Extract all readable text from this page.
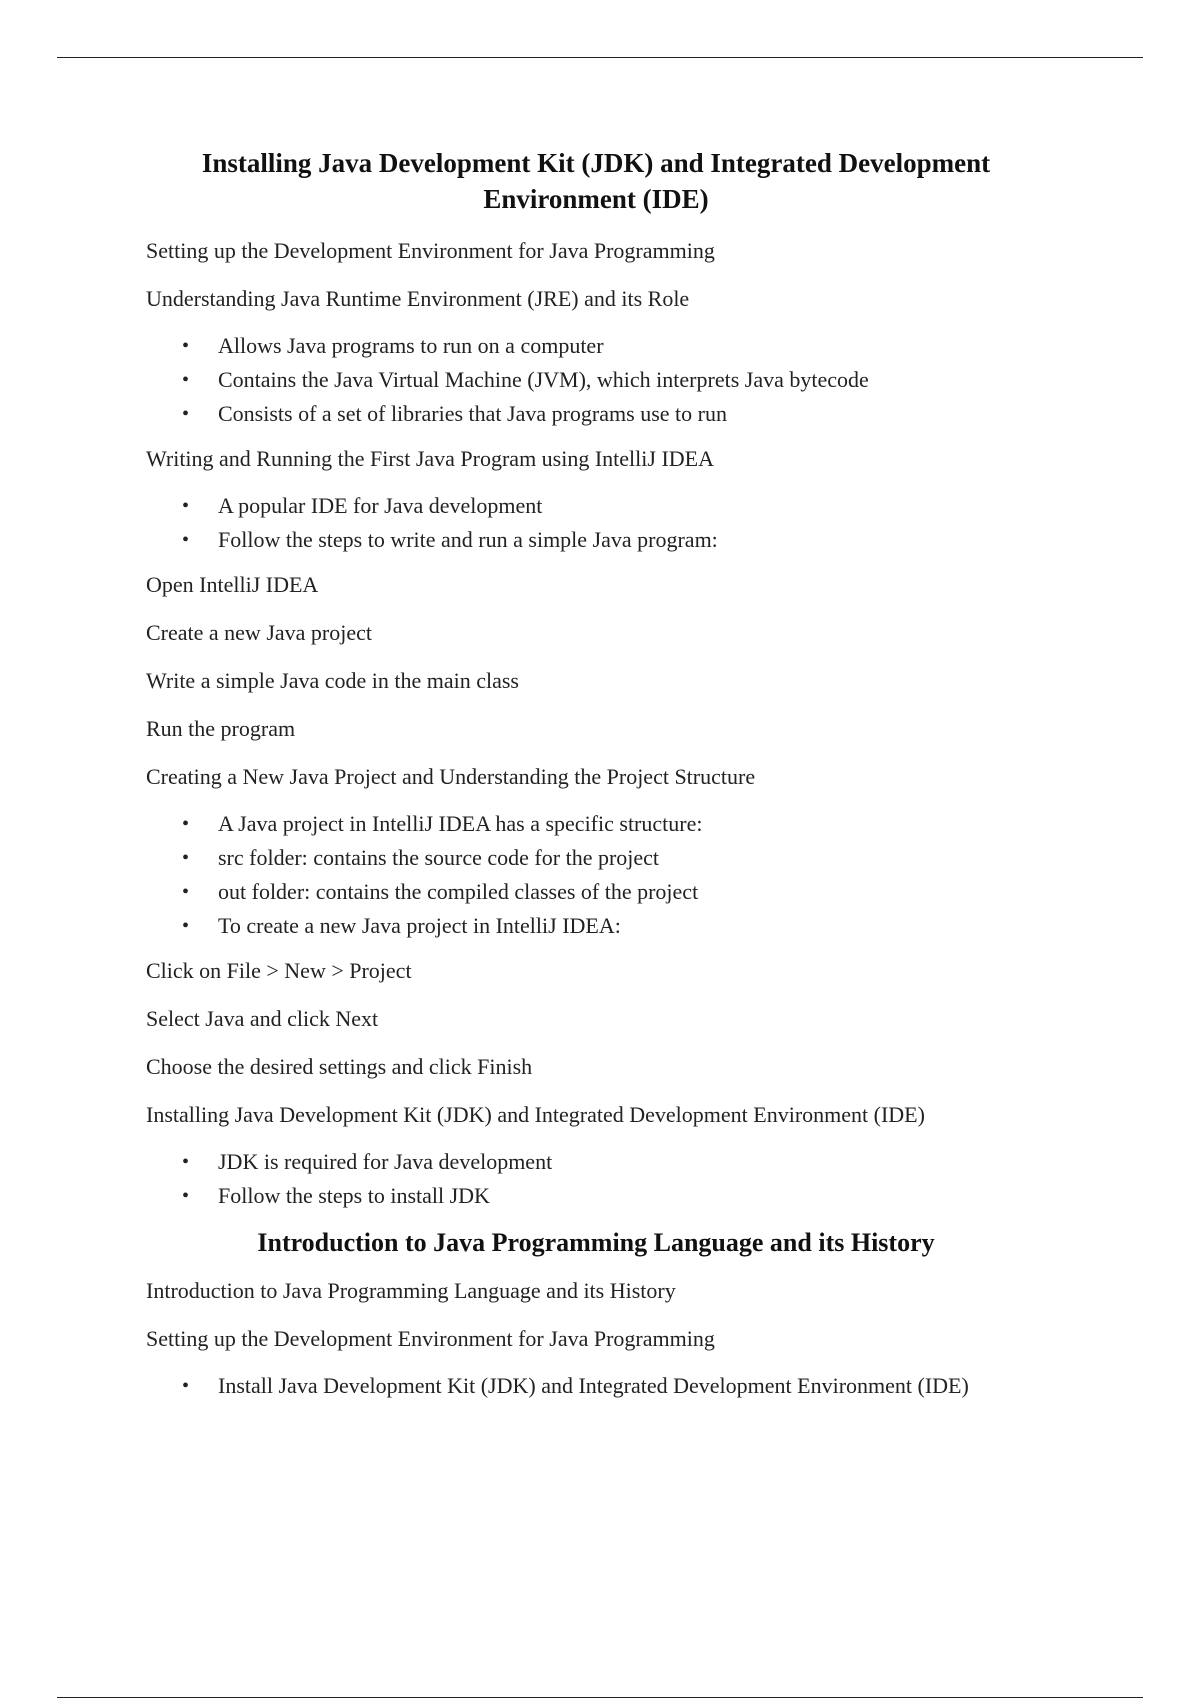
Installing Java Development Kit (JDK) and Integrated Development Environment (IDE)

Setting up the Development Environment for Java Programming

Understanding Java Runtime Environment (JRE) and its Role

• Allows Java programs to run on a computer
• Contains the Java Virtual Machine (JVM), which interprets Java bytecode
• Consists of a set of libraries that Java programs use to run

Writing and Running the First Java Program using IntelliJ IDEA

• A popular IDE for Java development
• Follow the steps to write and run a simple Java program:

Open IntelliJ IDEA

Create a new Java project

Write a simple Java code in the main class

Run the program

Creating a New Java Project and Understanding the Project Structure

• A Java project in IntelliJ IDEA has a specific structure:
• src folder: contains the source code for the project
• out folder: contains the compiled classes of the project
• To create a new Java project in IntelliJ IDEA:

Click on File > New > Project

Select Java and click Next

Choose the desired settings and click Finish

Installing Java Development Kit (JDK) and Integrated Development Environment (IDE)

• JDK is required for Java development
• Follow the steps to install JDK
Introduction to Java Programming Language and its History

Introduction to Java Programming Language and its History

Setting up the Development Environment for Java Programming

• Install Java Development Kit (JDK) and Integrated Development Environment (IDE)
